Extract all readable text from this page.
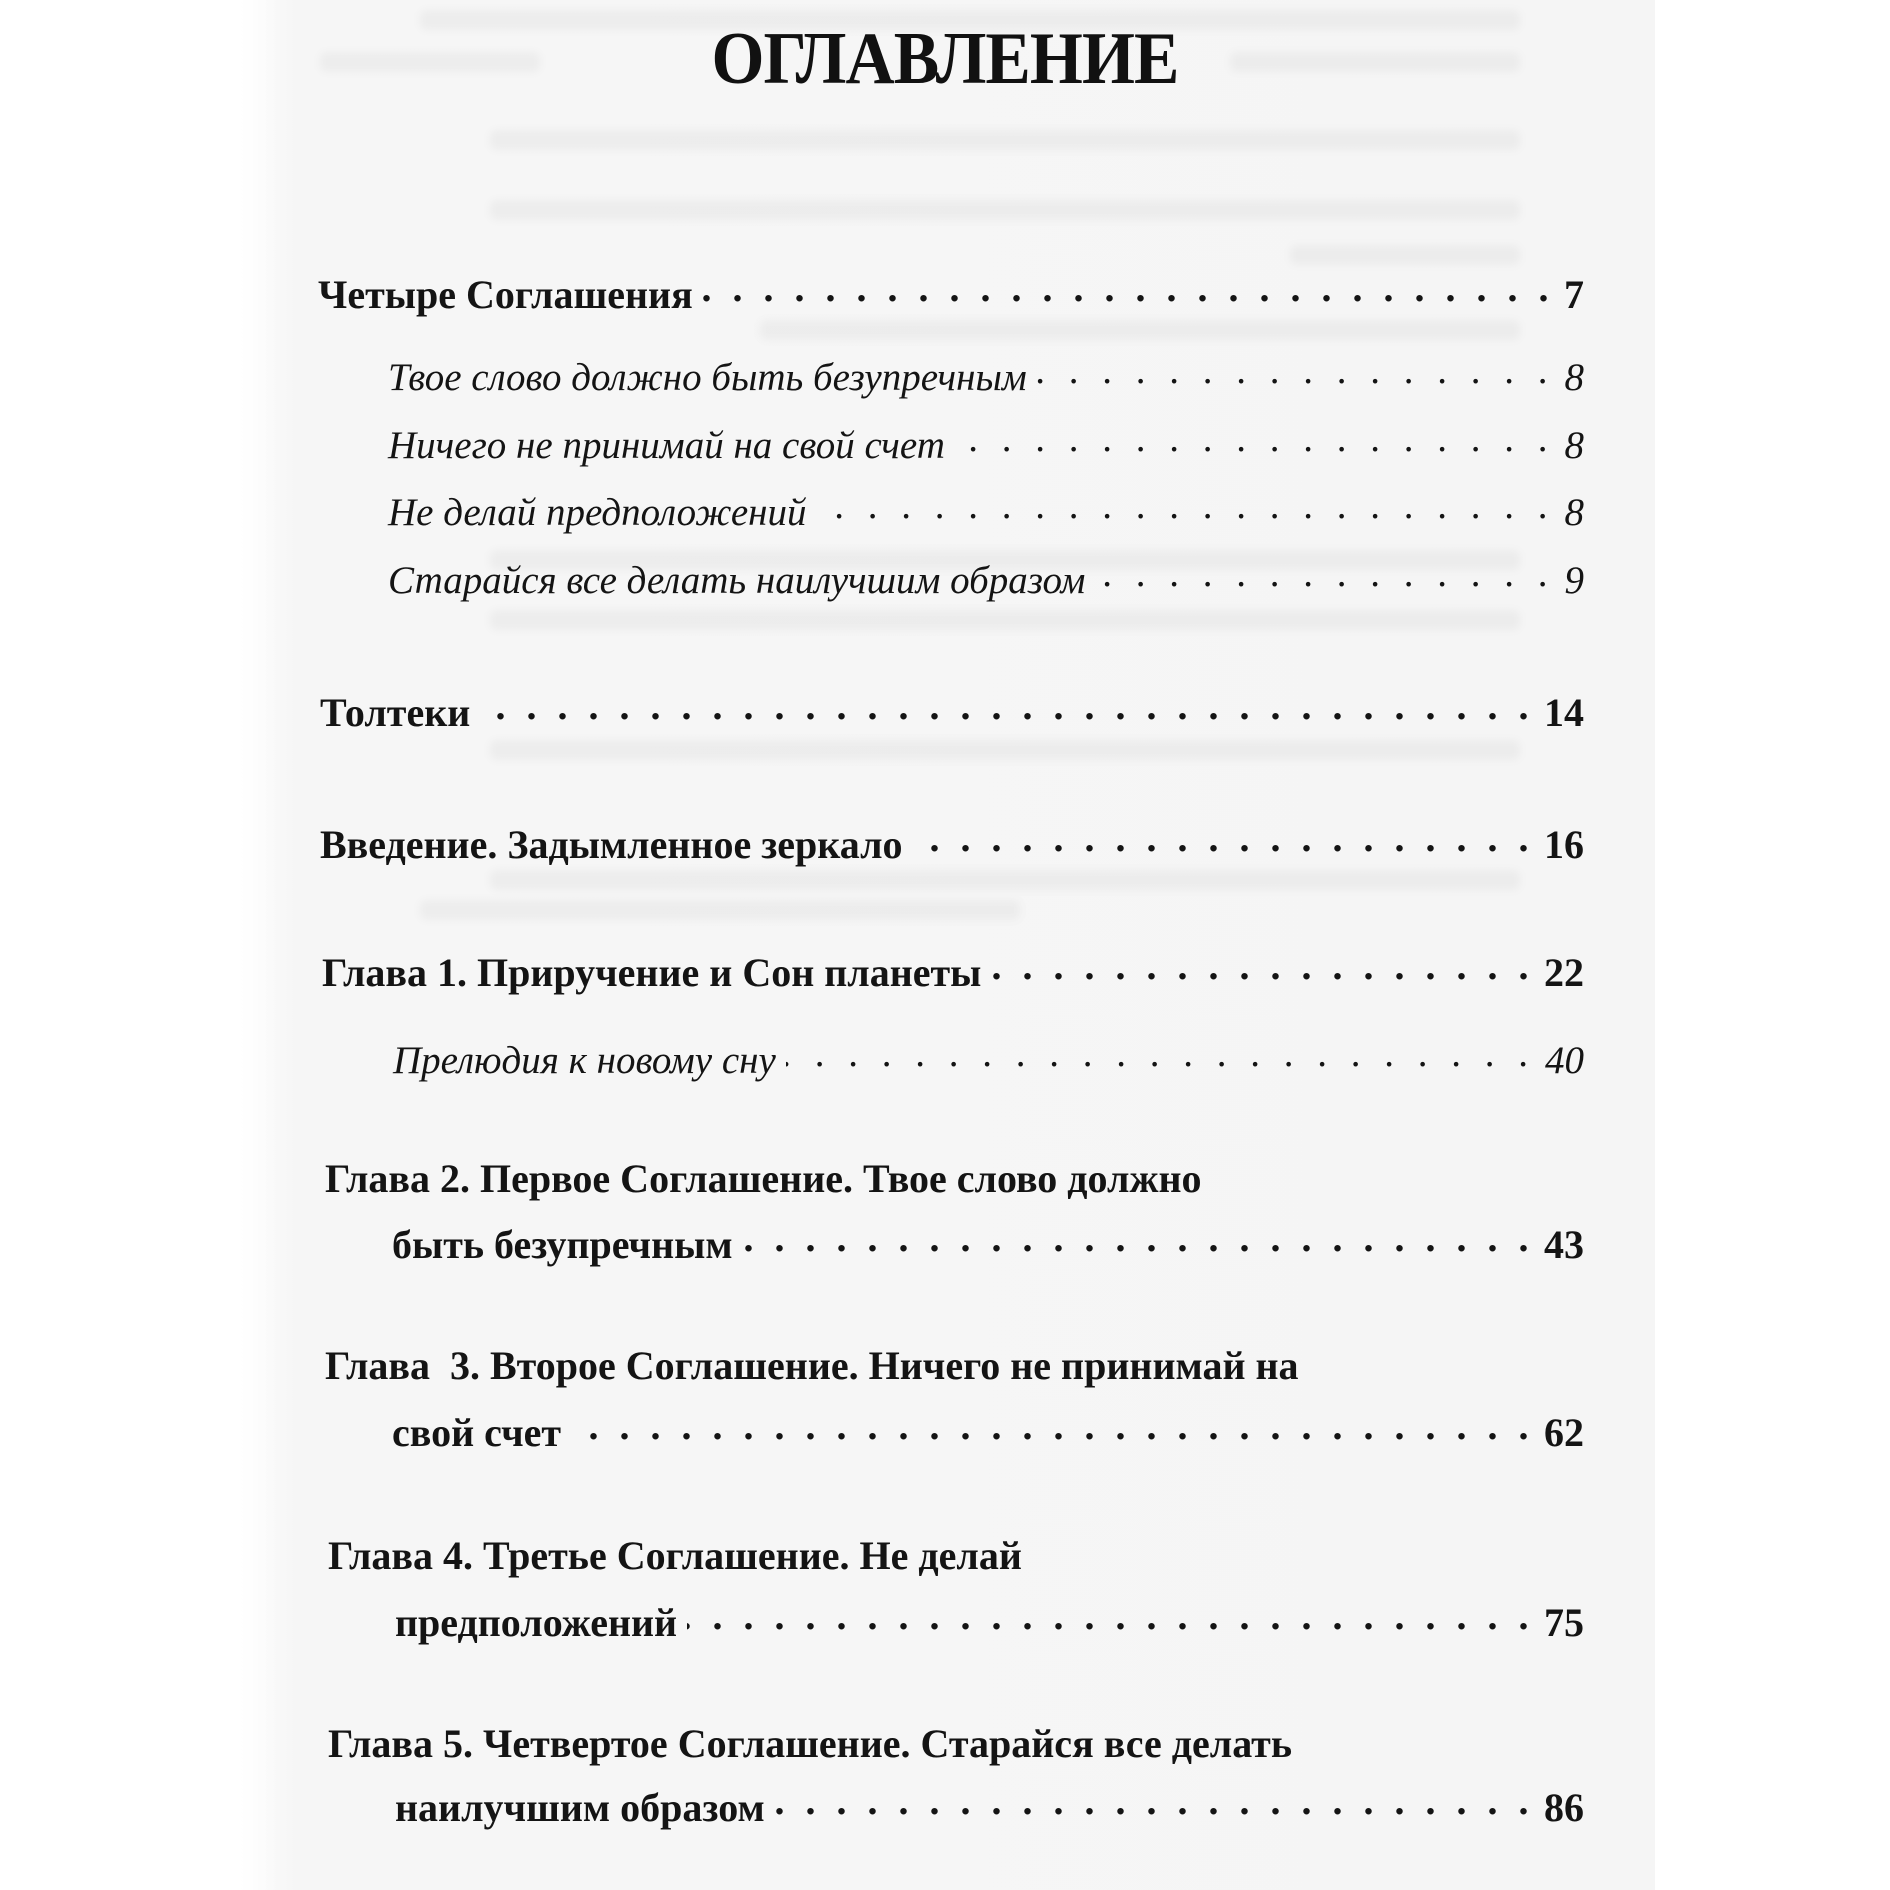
ОГЛАВЛЕНИЕ
Четыре Соглашения . . .	7
Твое слово должно быть безупречным . . .	8
Ничего не принимай на свой счет . . .	8
Не делай предположений . . .	8
Старайся все делать наилучшим образом . . .	9
Толтеки . . .	14
Введение. Задымленное зеркало . . .	16
Глава 1. Приручение и Сон планеты . . .	22
Прелюдия к новому сну . . .	40
Глава 2. Первое Соглашение. Твое слово должно
быть безупречным . . .	43
Глава  3. Второе Соглашение. Ничего не принимай на
свой счет . . .	62
Глава 4. Третье Соглашение. Не делай
предположений . . .	75
Глава 5. Четвертое Соглашение. Старайся все делать
наилучшим образом . . .	86
